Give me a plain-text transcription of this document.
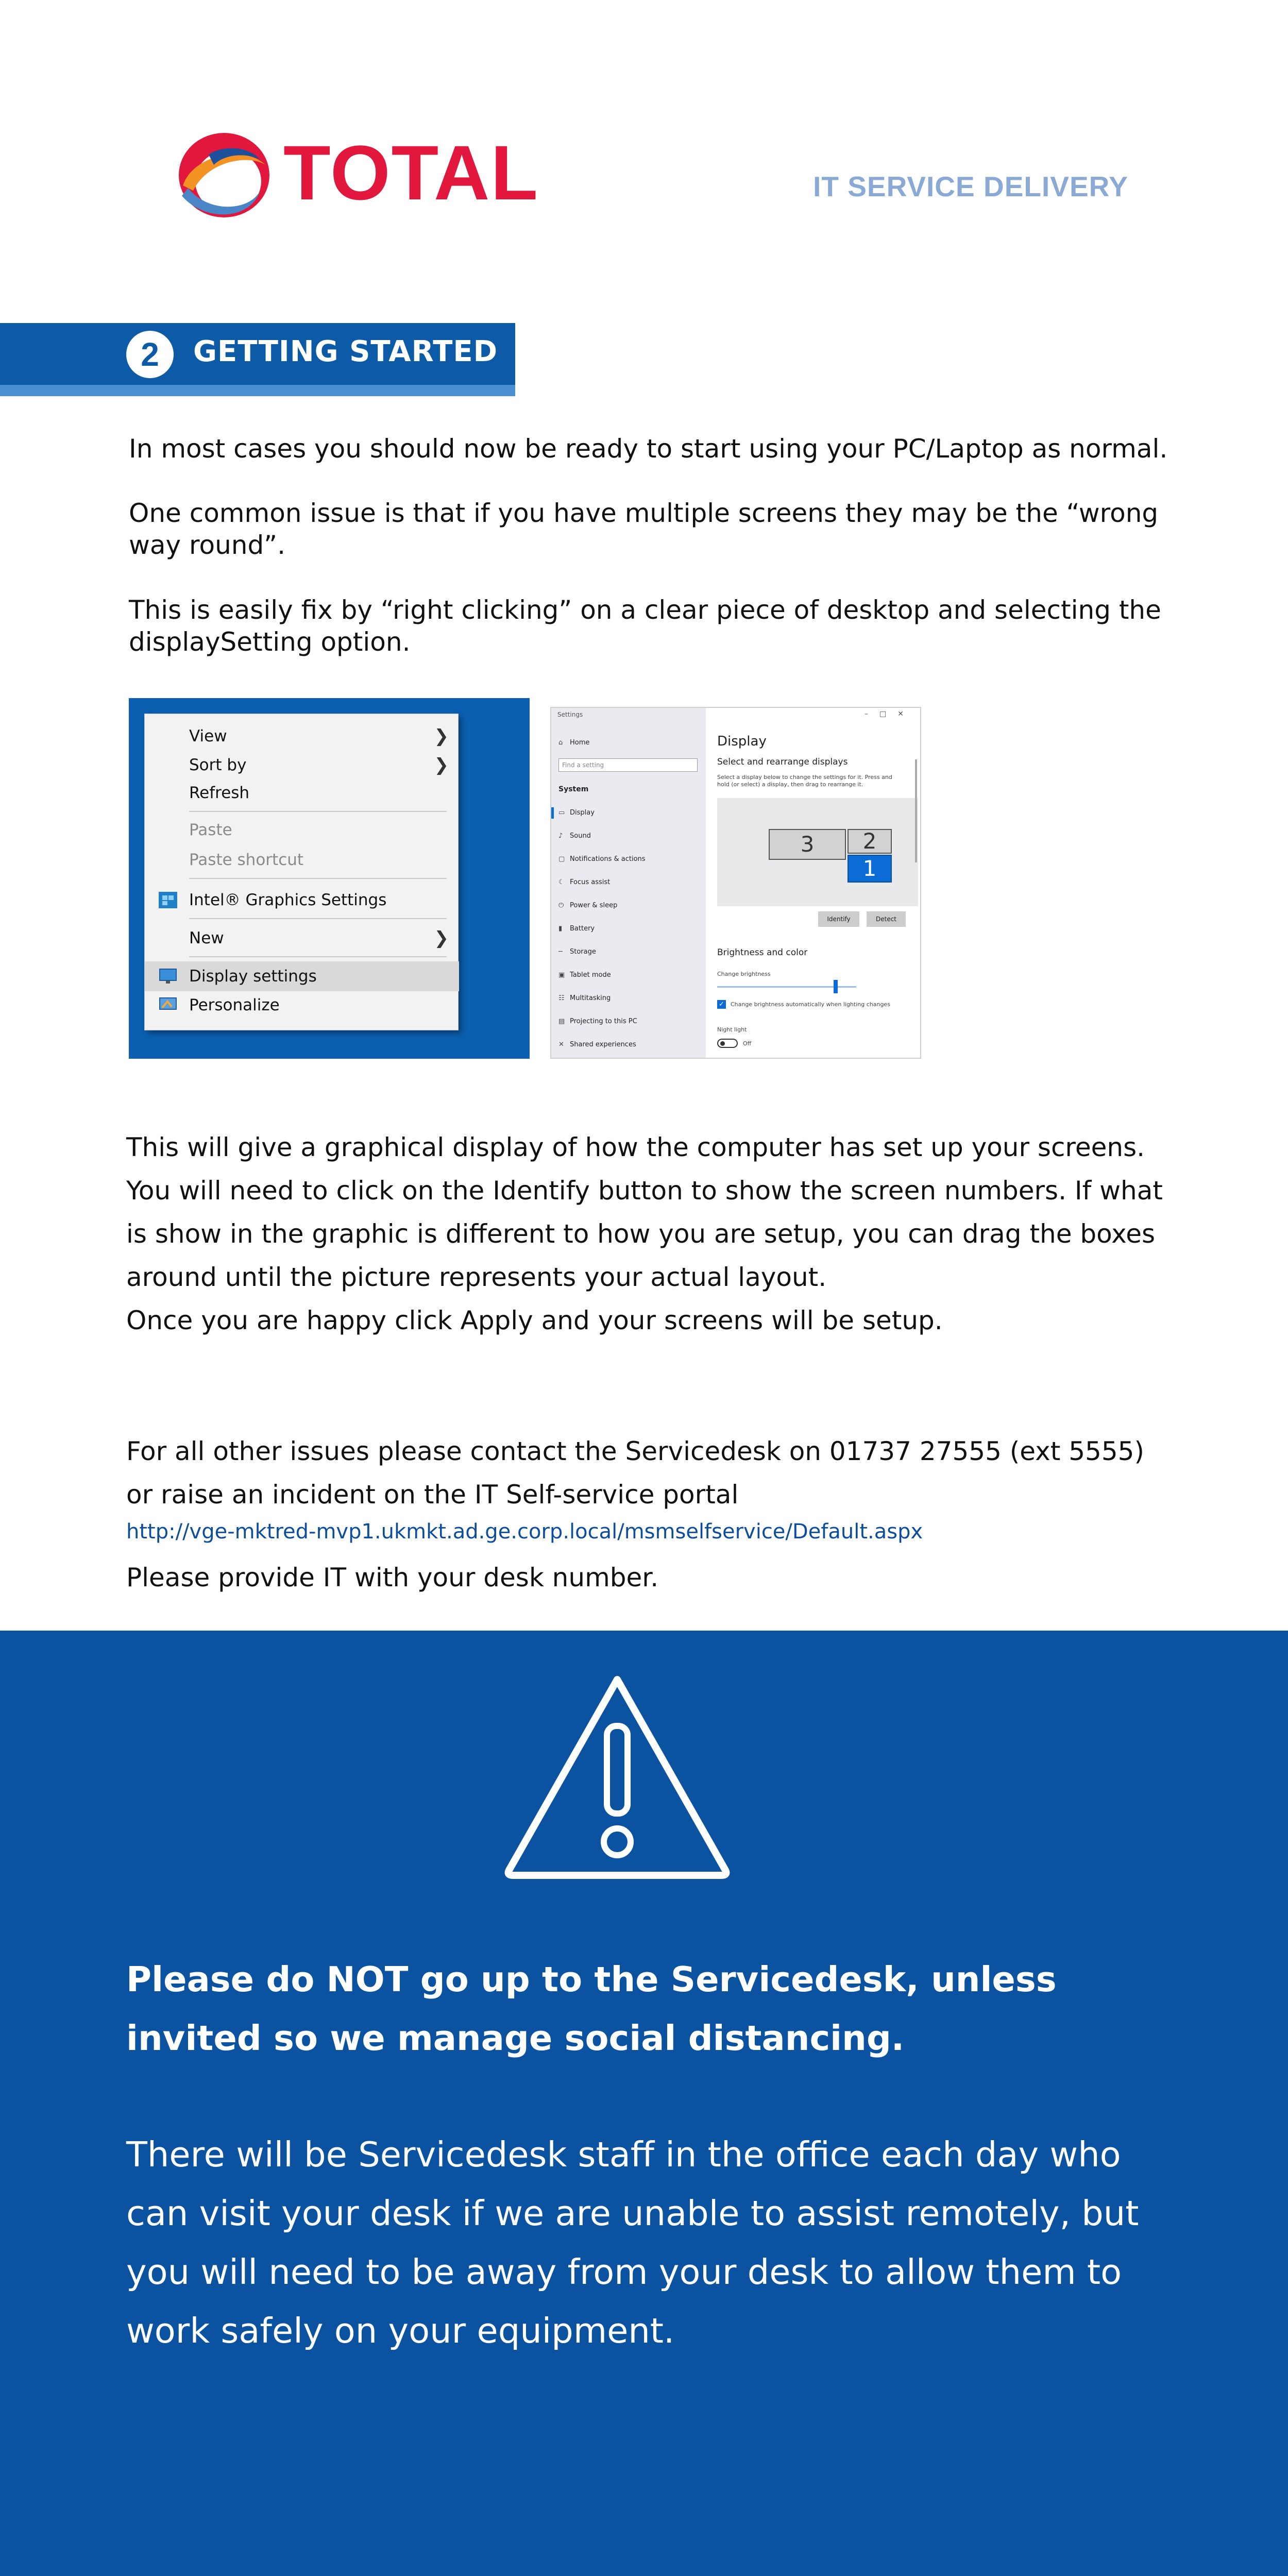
TOTAL	IT SERVICE DELIVERY
2	GETTING STARTED

In most cases you should now be ready to start using your PC/Laptop as normal.

One common issue is that if you have multiple screens they may be the “wrong way round”.

This is easily fix by “right clicking” on a clear piece of desktop and selecting the displaySetting option.

View	❯
Sort by	❯
Refresh
Paste
Paste shortcut
Intel® Graphics Settings
New	❯
Display settings
Personalize
Settings	–□✕
⌂ Home
Find a setting
System
▭ Display
♪ Sound
▢ Notifications & actions
☾ Focus assist
⏻ Power & sleep
▮ Battery
─ Storage
▣ Tablet mode
☷ Multitasking
▤ Projecting to this PC
✕ Shared experiences
Display
Select and rearrange displays
Select a display below to change the settings for it. Press and hold (or select) a display, then drag to rearrange it.
3	2
1
Identify	Detect
Brightness and color
Change brightness
✓ Change brightness automatically when lighting changes
Night light
Off

This will give a graphical display of how the computer has set up your screens. You will need to click on the Identify button to show the screen numbers. If what is show in the graphic is different to how you are setup, you can drag the boxes around until the picture represents your actual layout.

Once you are happy click Apply and your screens will be setup.

For all other issues please contact the Servicedesk on 01737 27555 (ext 5555) or raise an incident on the IT Self-service portal

http://vge-mktred-mvp1.ukmkt.ad.ge.corp.local/msmselfservice/Default.aspx

Please provide IT with your desk number.

Please do NOT go up to the Servicedesk, unless invited so we manage social distancing.

There will be Servicedesk staff in the office each day who can visit your desk if we are unable to assist remotely, but you will need to be away from your desk to allow them to work safely on your equipment.
